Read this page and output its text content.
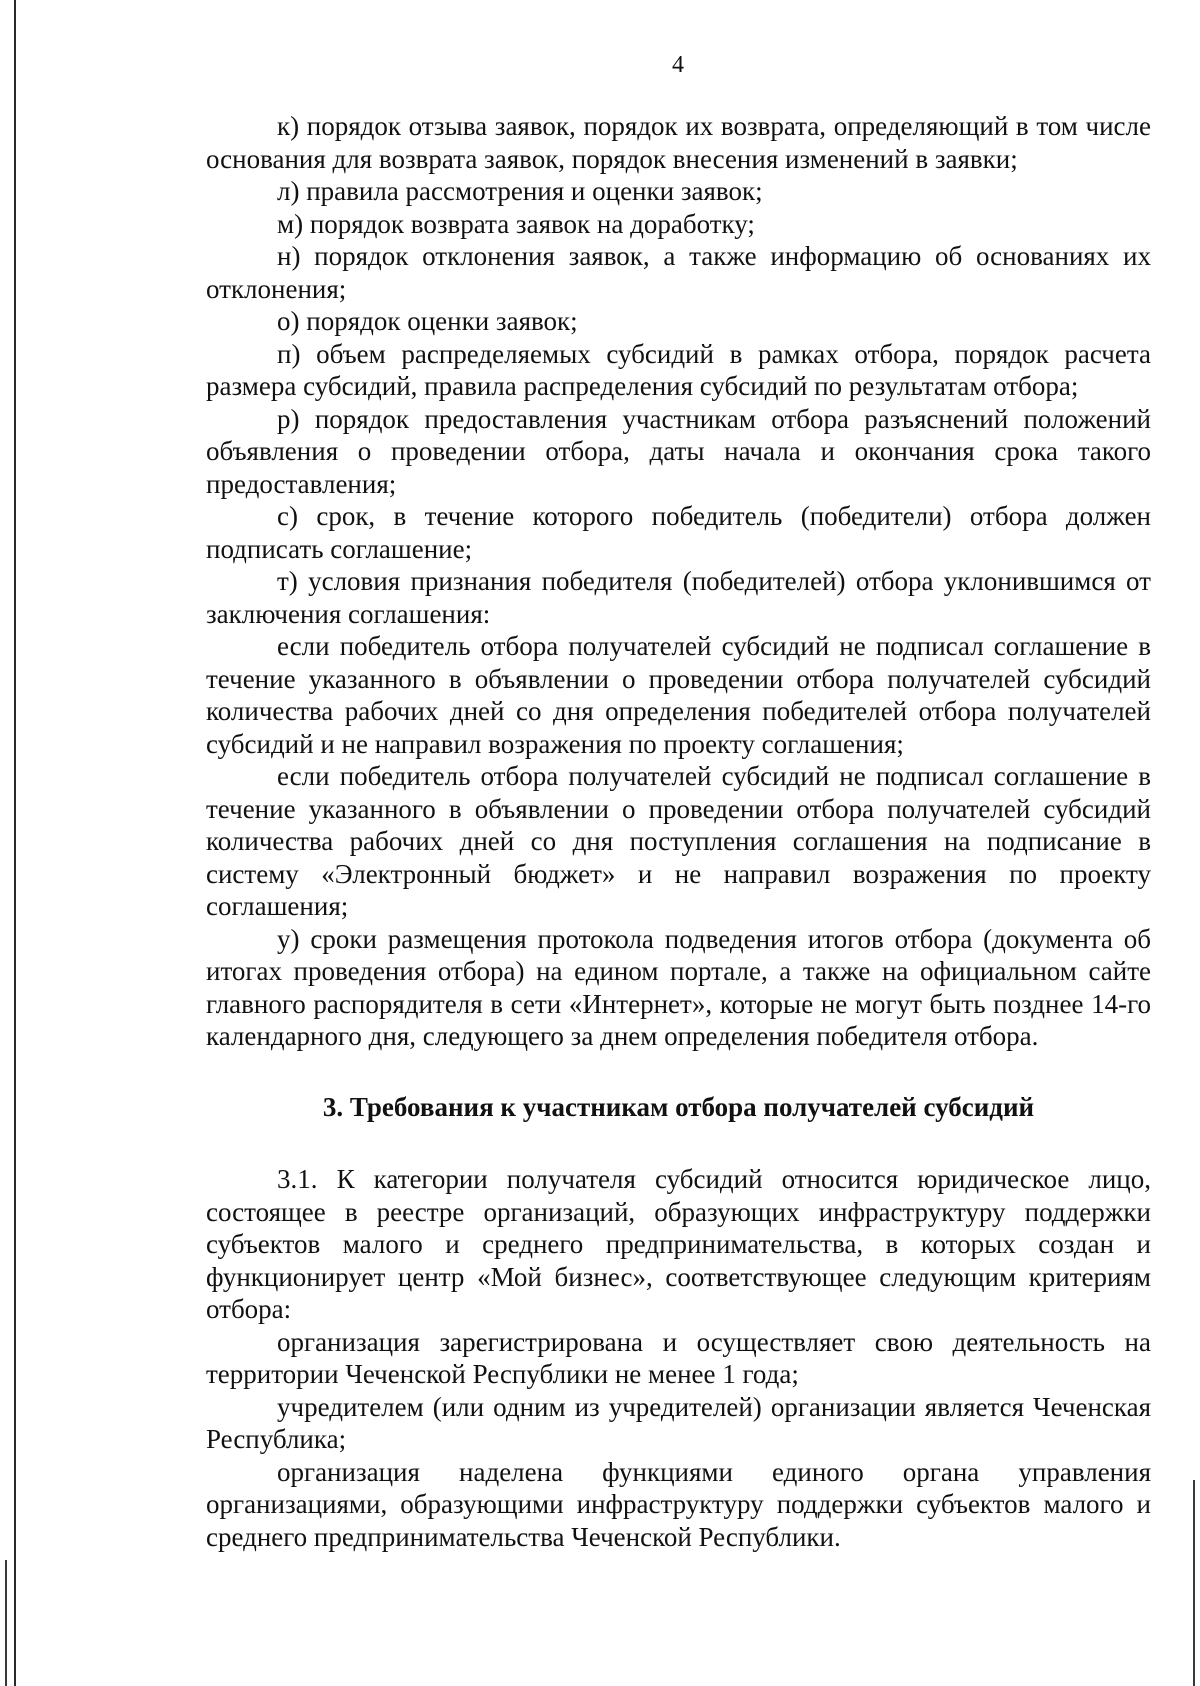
4

к) порядок отзыва заявок, порядок их возврата, определяющий в том числе основания для возврата заявок, порядок внесения изменений в заявки;

л) правила рассмотрения и оценки заявок;

м) порядок возврата заявок на доработку;

н) порядок отклонения заявок, а также информацию об основаниях их отклонения;

о) порядок оценки заявок;

п) объем распределяемых субсидий в рамках отбора, порядок расчета размера субсидий, правила распределения субсидий по результатам отбора;

р) порядок предоставления участникам отбора разъяснений положений объявления о проведении отбора, даты начала и окончания срока такого предоставления;

с) срок, в течение которого победитель (победители) отбора должен подписать соглашение;

т) условия признания победителя (победителей) отбора уклонившимся от заключения соглашения:

если победитель отбора получателей субсидий не подписал соглашение в течение указанного в объявлении о проведении отбора получателей субсидий количества рабочих дней со дня определения победителей отбора получателей субсидий и не направил возражения по проекту соглашения;

если победитель отбора получателей субсидий не подписал соглашение в течение указанного в объявлении о проведении отбора получателей субсидий количества рабочих дней со дня поступления соглашения на подписание в систему «Электронный бюджет» и не направил возражения по проекту соглашения;

у) сроки размещения протокола подведения итогов отбора (документа об итогах проведения отбора) на едином портале, а также на официальном сайте главного распорядителя в сети «Интернет», которые не могут быть позднее 14-го календарного дня, следующего за днем определения победителя отбора.

3. Требования к участникам отбора получателей субсидий

3.1. К категории получателя субсидий относится юридическое лицо, состоящее в реестре организаций, образующих инфраструктуру поддержки субъектов малого и среднего предпринимательства, в которых создан и функционирует центр «Мой бизнес», соответствующее следующим критериям отбора:

организация зарегистрирована и осуществляет свою деятельность на территории Чеченской Республики не менее 1 года;

учредителем (или одним из учредителей) организации является Чеченская Республика;

организация наделена функциями единого органа управления организациями, образующими инфраструктуру поддержки субъектов малого и среднего предпринимательства Чеченской Республики.
